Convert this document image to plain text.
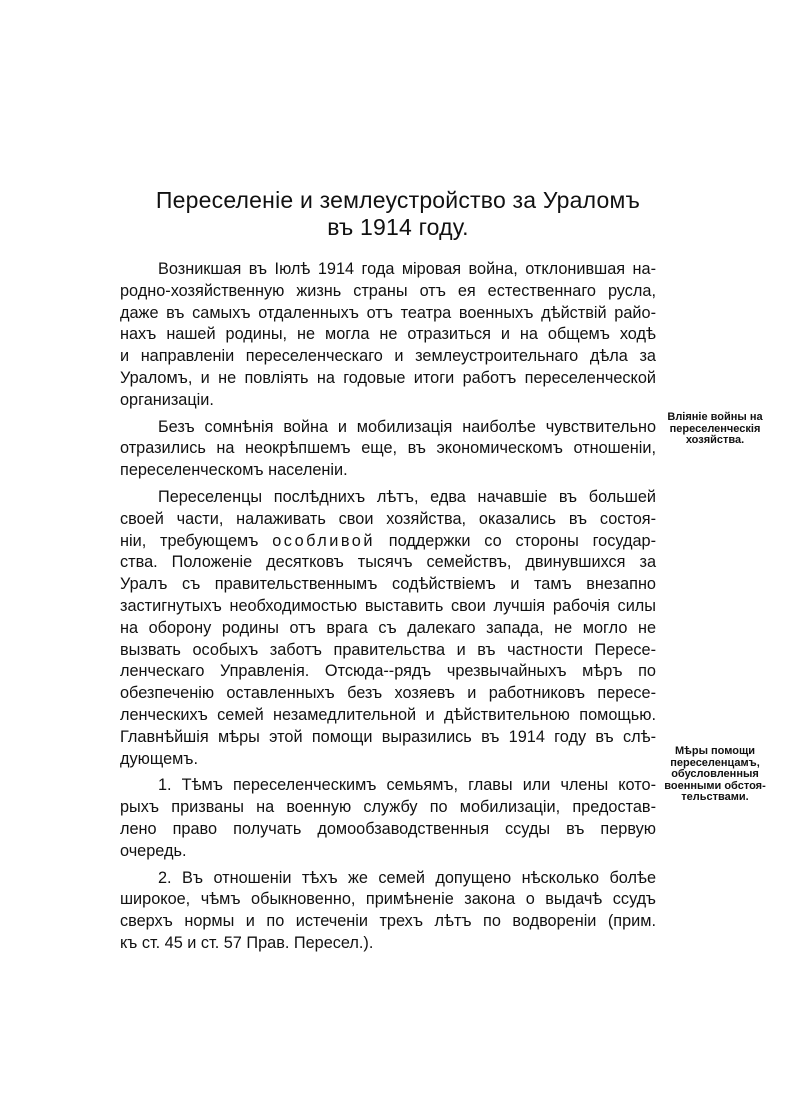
Переселеніе и землеустройство за Ураломъ
въ 1914 году.

Возникшая въ Іюлѣ 1914 года міровая война, отклонившая на-
родно-хозяйственную жизнь страны отъ ея естественнаго русла,
даже въ самыхъ отдаленныхъ отъ театра военныхъ дѣйствій райо-
нахъ нашей родины, не могла не отразиться и на общемъ ходѣ
и направленіи переселенческаго и землеустроительнаго дѣла за
Ураломъ, и не повліять на годовые итоги работъ переселенческой
организаціи.

Безъ сомнѣнія война и мобилизація наиболѣе чувствительно
отразились на неокрѣпшемъ еще, въ экономическомъ отношеніи,
переселенческомъ населеніи.

Переселенцы послѣднихъ лѣтъ, едва начавшіе въ большей
своей части, налаживать свои хозяйства, оказались въ состоя-
ніи, требующемъ особливой поддержки со стороны государ-
ства. Положеніе десятковъ тысячъ семействъ, двинувшихся за
Уралъ съ правительственнымъ содѣйствіемъ и тамъ внезапно
застигнутыхъ необходимостью выставить свои лучшія рабочія силы
на оборону родины отъ врага съ далекаго запада, не могло не
вызвать особыхъ заботъ правительства и въ частности Пересе-
ленческаго Управленія. Отсюда--рядъ чрезвычайныхъ мѣръ по
обезпеченію оставленныхъ безъ хозяевъ и работниковъ пересе-
ленческихъ семей незамедлительной и дѣйствительною помощью.
Главнѣйшія мѣры этой помощи выразились въ 1914 году въ слѣ-
дующемъ.

1. Тѣмъ переселенческимъ семьямъ, главы или члены кото-
рыхъ призваны на военную службу по мобилизаціи, предостав-
лено право получать домообзаводственныя ссуды въ первую
очередь.

2. Въ отношеніи тѣхъ же семей допущено нѣсколько болѣе
широкое, чѣмъ обыкновенно, примѣненіе закона о выдачѣ ссудъ
сверхъ нормы и по истеченіи трехъ лѣтъ по водвореніи (прим.
къ ст. 45 и ст. 57 Прав. Пересел.).

Вліяніе войны на
переселенческія
хозяйства.
Мѣры помощи
переселенцамъ,
обусловленныя
военными обстоя-
тельствами.
